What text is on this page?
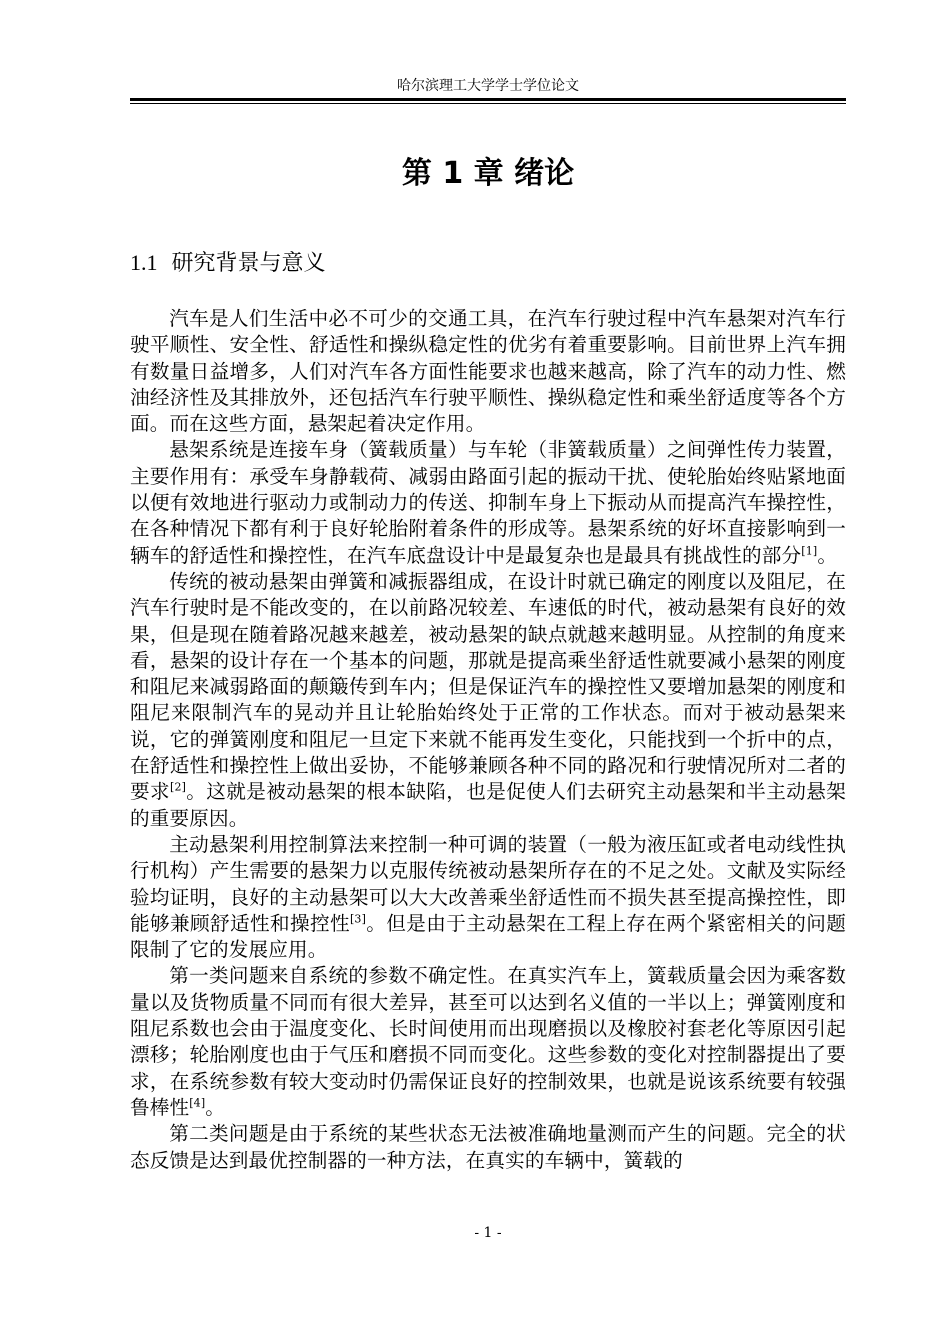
哈尔滨理工大学学士学位论文
第 1 章 绪论
1.1 研究背景与意义

汽车是人们生活中必不可少的交通工具，在汽车行驶过程中汽车悬架对汽车行驶平顺性、安全性、舒适性和操纵稳定性的优劣有着重要影响。目前世界上汽车拥有数量日益增多，人们对汽车各方面性能要求也越来越高，除了汽车的动力性、燃油经济性及其排放外，还包括汽车行驶平顺性、操纵稳定性和乘坐舒适度等各个方面。而在这些方面，悬架起着决定作用。

悬架系统是连接车身（簧载质量）与车轮（非簧载质量）之间弹性传力装置，主要作用有：承受车身静载荷、减弱由路面引起的振动干扰、使轮胎始终贴紧地面以便有效地进行驱动力或制动力的传送、抑制车身上下振动从而提高汽车操控性，在各种情况下都有利于良好轮胎附着条件的形成等。悬架系统的好坏直接影响到一辆车的舒适性和操控性，在汽车底盘设计中是最复杂也是最具有挑战性的部分[1]。

传统的被动悬架由弹簧和减振器组成，在设计时就已确定的刚度以及阻尼，在汽车行驶时是不能改变的，在以前路况较差、车速低的时代，被动悬架有良好的效果，但是现在随着路况越来越差，被动悬架的缺点就越来越明显。从控制的角度来看，悬架的设计存在一个基本的问题，那就是提高乘坐舒适性就要减小悬架的刚度和阻尼来减弱路面的颠簸传到车内；但是保证汽车的操控性又要增加悬架的刚度和阻尼来限制汽车的晃动并且让轮胎始终处于正常的工作状态。而对于被动悬架来说，它的弹簧刚度和阻尼一旦定下来就不能再发生变化，只能找到一个折中的点，在舒适性和操控性上做出妥协，不能够兼顾各种不同的路况和行驶情况所对二者的要求[2]。这就是被动悬架的根本缺陷，也是促使人们去研究主动悬架和半主动悬架的重要原因。

主动悬架利用控制算法来控制一种可调的装置（一般为液压缸或者电动线性执行机构）产生需要的悬架力以克服传统被动悬架所存在的不足之处。文献及实际经验均证明，良好的主动悬架可以大大改善乘坐舒适性而不损失甚至提高操控性，即能够兼顾舒适性和操控性[3]。但是由于主动悬架在工程上存在两个紧密相关的问题限制了它的发展应用。

第一类问题来自系统的参数不确定性。在真实汽车上，簧载质量会因为乘客数量以及货物质量不同而有很大差异，甚至可以达到名义值的一半以上；弹簧刚度和阻尼系数也会由于温度变化、长时间使用而出现磨损以及橡胶衬套老化等原因引起漂移；轮胎刚度也由于气压和磨损不同而变化。这些参数的变化对控制器提出了要求，在系统参数有较大变动时仍需保证良好的控制效果，也就是说该系统要有较强鲁棒性[4]。

第二类问题是由于系统的某些状态无法被准确地量测而产生的问题。完全的状态反馈是达到最优控制器的一种方法，在真实的车辆中，簧载的

- 1 -
